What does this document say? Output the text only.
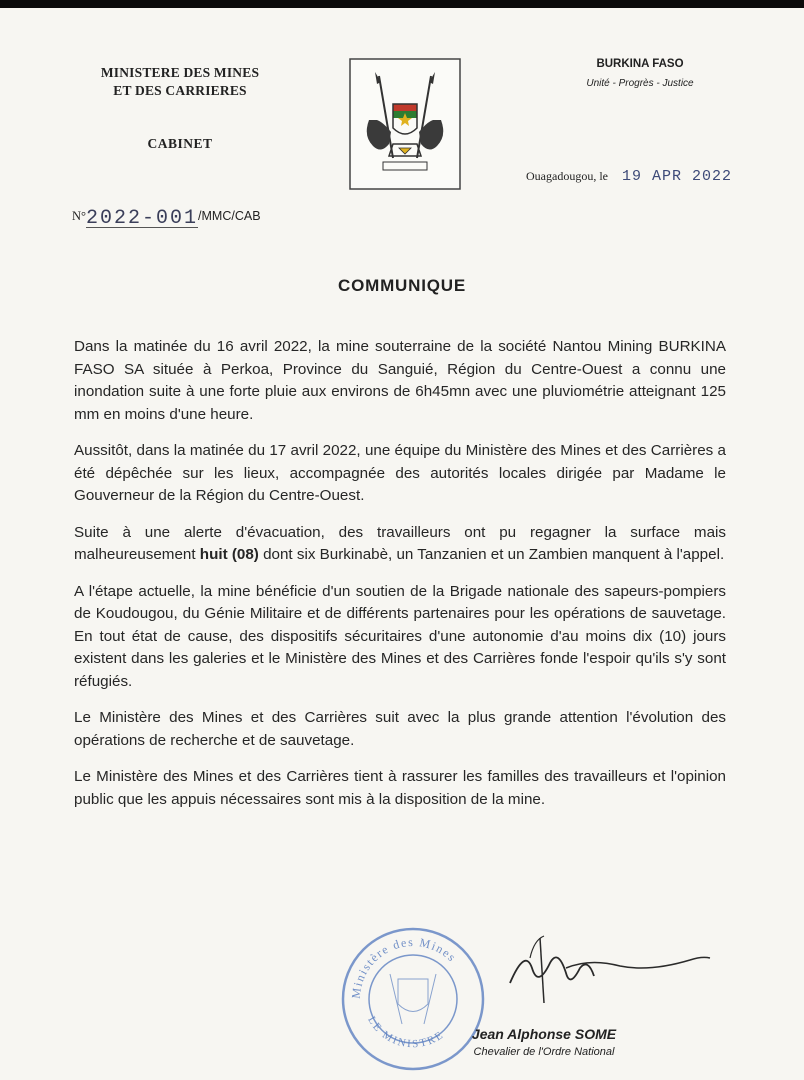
MINISTERE DES MINES
ET DES CARRIERES
CABINET
BURKINA FASO
Unité - Progrès - Justice
Ouagadougou, le 19 APR 2022
N°2022-001/MMC/CAB
COMMUNIQUE

Dans la matinée du 16 avril 2022, la mine souterraine de la société Nantou Mining BURKINA FASO SA située à Perkoa, Province du Sanguié, Région du Centre-Ouest a connu une inondation suite à une forte pluie aux environs de 6h45mn avec une pluviométrie atteignant 125 mm en moins d'une heure.

Aussitôt, dans la matinée du 17 avril 2022, une équipe du Ministère des Mines et des Carrières a été dépêchée sur les lieux, accompagnée des autorités locales dirigée par Madame le Gouverneur de la Région du Centre-Ouest.

Suite à une alerte d'évacuation, des travailleurs ont pu regagner la surface mais malheureusement huit (08) dont six Burkinabè, un Tanzanien et un Zambien manquent à l'appel.

A l'étape actuelle, la mine bénéficie d'un soutien de la Brigade nationale des sapeurs-pompiers de Koudougou, du Génie Militaire et de différents partenaires pour les opérations de sauvetage. En tout état de cause, des dispositifs sécuritaires d'une autonomie d'au moins dix (10) jours existent dans les galeries et le Ministère des Mines et des Carrières fonde l'espoir qu'ils s'y sont réfugiés.

Le Ministère des Mines et des Carrières suit avec la plus grande attention l'évolution des opérations de recherche et de sauvetage.

Le Ministère des Mines et des Carrières tient à rassurer les familles des travailleurs et l'opinion public que les appuis nécessaires sont mis à la disposition de la mine.

Ministère des Mines
LE MINISTRE	Jean Alphonse SOME
Chevalier de l'Ordre National
